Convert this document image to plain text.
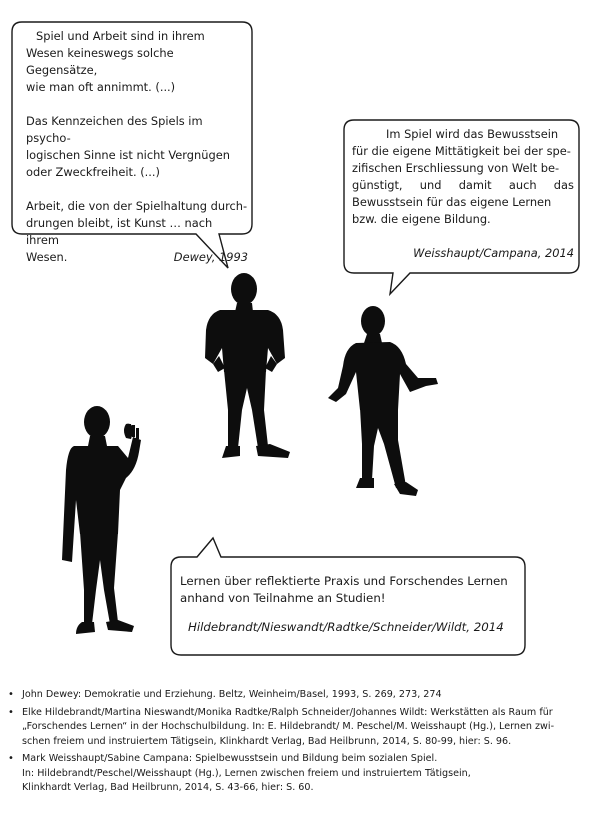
Spiel und Arbeit sind in ihrem

Wesen keineswegs solche Gegensätze,

wie man oft annimmt. (...)

Das Kennzeichen des Spiels im psycho-

logischen Sinne ist nicht Vergnügen

oder Zweckfreiheit. (...)

Arbeit, die von der Spielhaltung durch-

drungen bleibt, ist Kunst … nach ihrem

Wesen.	Dewey, 1993

Im Spiel wird das Bewusstsein

für die eigene Mittätigkeit bei der spe-

zifischen Erschliessung von Welt be-

günstigt, und damit auch das

Bewusstsein für das eigene Lernen

bzw. die eigene Bildung.

Weisshaupt/Campana, 2014

Lernen über reflektierte Praxis und Forschendes Lernen

anhand von Teilnahme an Studien!

Hildebrandt/Nieswandt/Radtke/Schneider/Wildt, 2014

• John Dewey: Demokratie und Erziehung. Beltz, Weinheim/Basel, 1993, S. 269, 273, 274
• Elke Hildebrandt/Martina Nieswandt/Monika Radtke/Ralph Schneider/Johannes Wildt: Werkstätten als Raum für
„Forschendes Lernen“ in der Hochschulbildung. In: E. Hildebrandt/ M. Peschel/M. Weisshaupt (Hg.), Lernen zwi-
schen freiem und instruiertem Tätigsein, Klinkhardt Verlag, Bad Heilbrunn, 2014, S. 80-99, hier: S. 96.
• Mark Weisshaupt/Sabine Campana: Spielbewusstsein und Bildung beim sozialen Spiel.
In: Hildebrandt/Peschel/Weisshaupt (Hg.), Lernen zwischen freiem und instruiertem Tätigsein,
Klinkhardt Verlag, Bad Heilbrunn, 2014, S. 43-66, hier: S. 60.
